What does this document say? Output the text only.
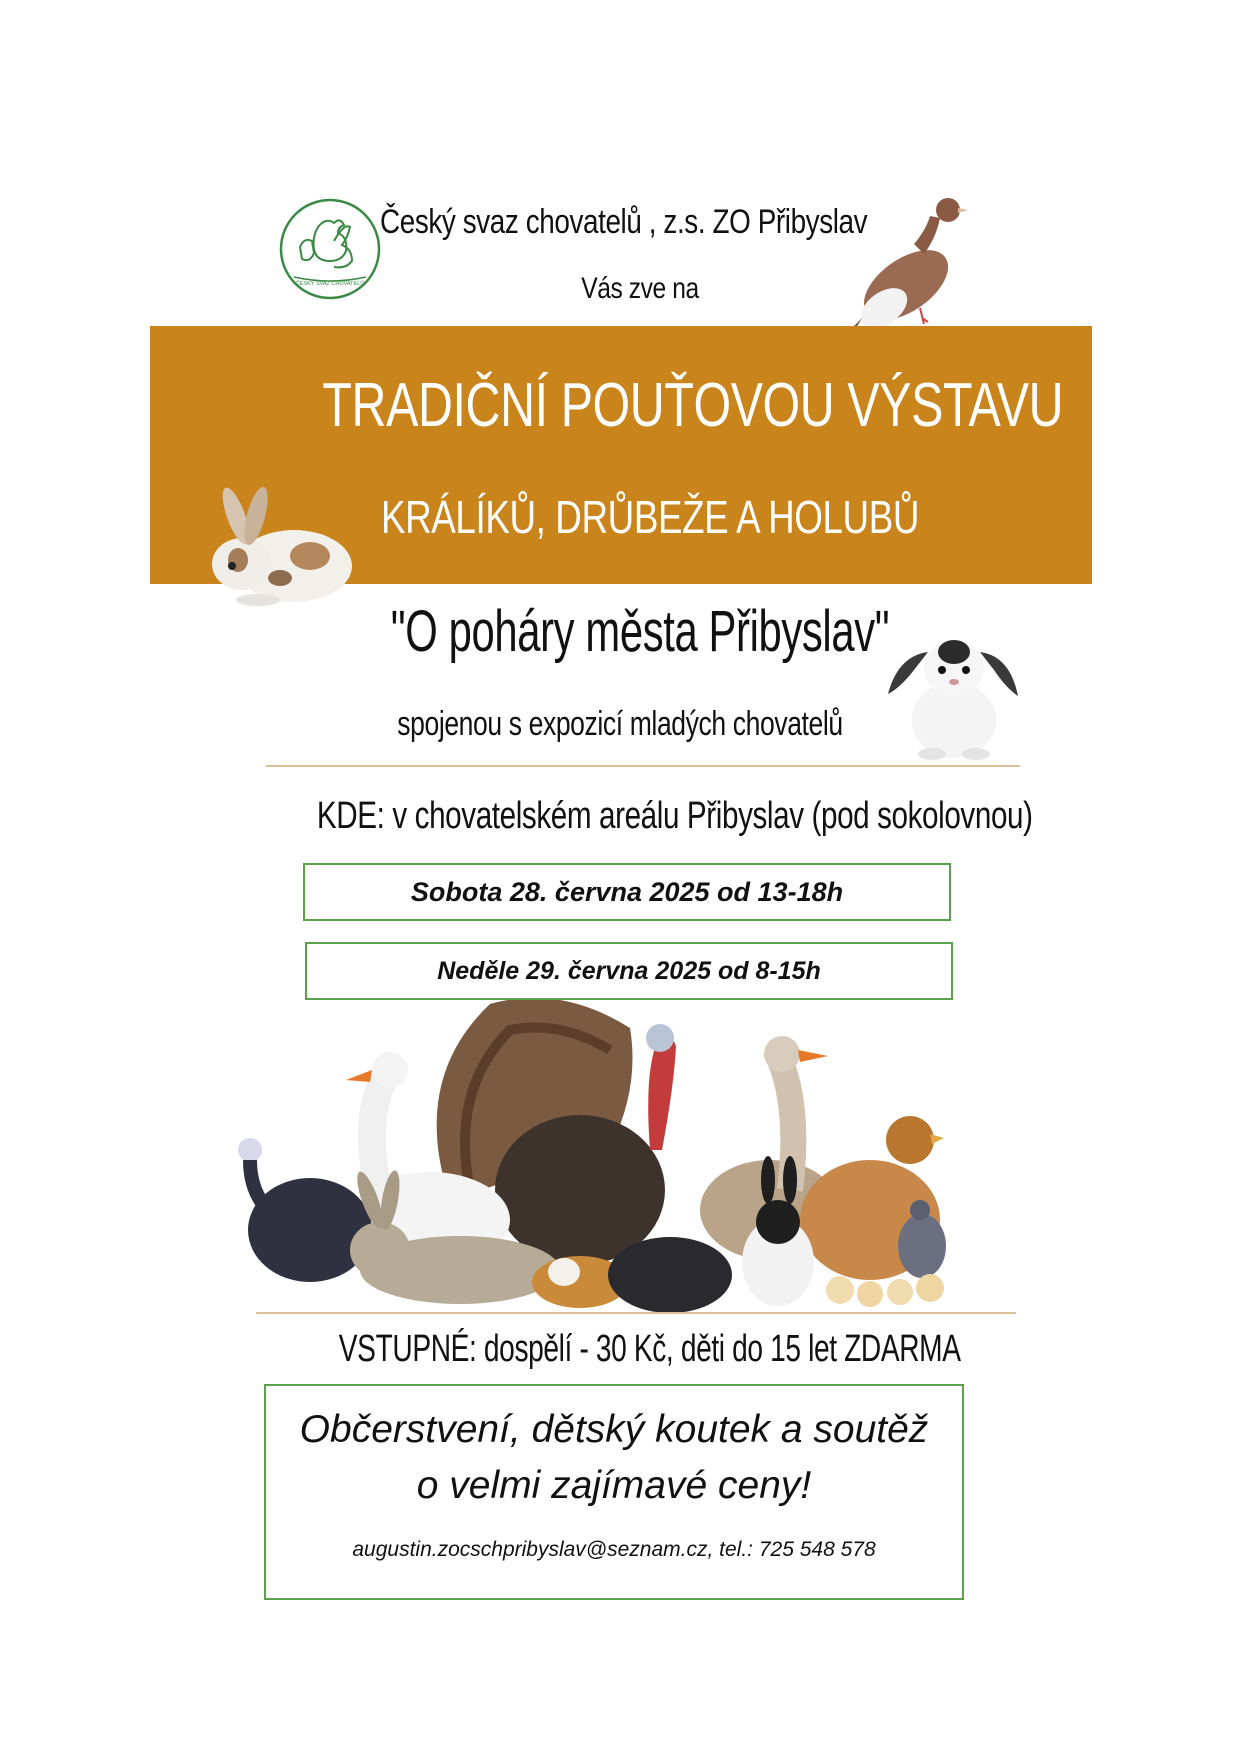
ČESKÝ SVAZ CHOVATELŮ
Český svaz chovatelů , z.s. ZO Přibyslav
Vás zve na
TRADIČNÍ POUŤOVOU VÝSTAVU
KRÁLÍKŮ, DRŮBEŽE A HOLUBŮ
"O poháry města Přibyslav"
spojenou s expozicí mladých chovatelů
KDE: v chovatelském areálu Přibyslav (pod sokolovnou)
Sobota 28. června 2025 od 13-18h
Neděle 29. června 2025 od 8-15h
VSTUPNÉ: dospělí - 30 Kč, děti do 15 let ZDARMA
Občerstvení, dětský koutek a soutěž
o velmi zajímavé ceny!
augustin.zocschpribyslav@seznam.cz, tel.: 725 548 578
